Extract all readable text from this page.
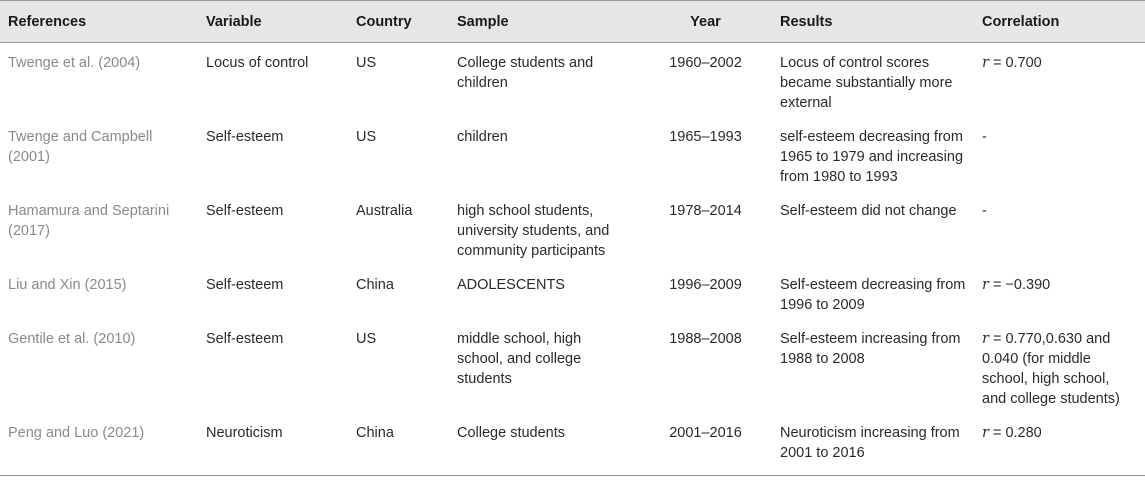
References	Variable	Country	Sample	Year	Results	Correlation
Twenge et al. (2004)	Locus of control	US	College students and children	1960–2002	Locus of control scores became substantially more external	r = 0.700
Twenge and Campbell (2001)	Self-esteem	US	children	1965–1993	self-esteem decreasing from 1965 to 1979 and increasing from 1980 to 1993	-
Hamamura and Septarini (2017)	Self-esteem	Australia	high school students, university students, and community participants	1978–2014	Self-esteem did not change	-
Liu and Xin (2015)	Self-esteem	China	ADOLESCENTS	1996–2009	Self-esteem decreasing from 1996 to 2009	r = −0.390
Gentile et al. (2010)	Self-esteem	US	middle school, high school, and college students	1988–2008	Self-esteem increasing from 1988 to 2008	r = 0.770,0.630 and 0.040 (for middle school, high school, and college students)
Peng and Luo (2021)	Neuroticism	China	College students	2001–2016	Neuroticism increasing from 2001 to 2016	r = 0.280
